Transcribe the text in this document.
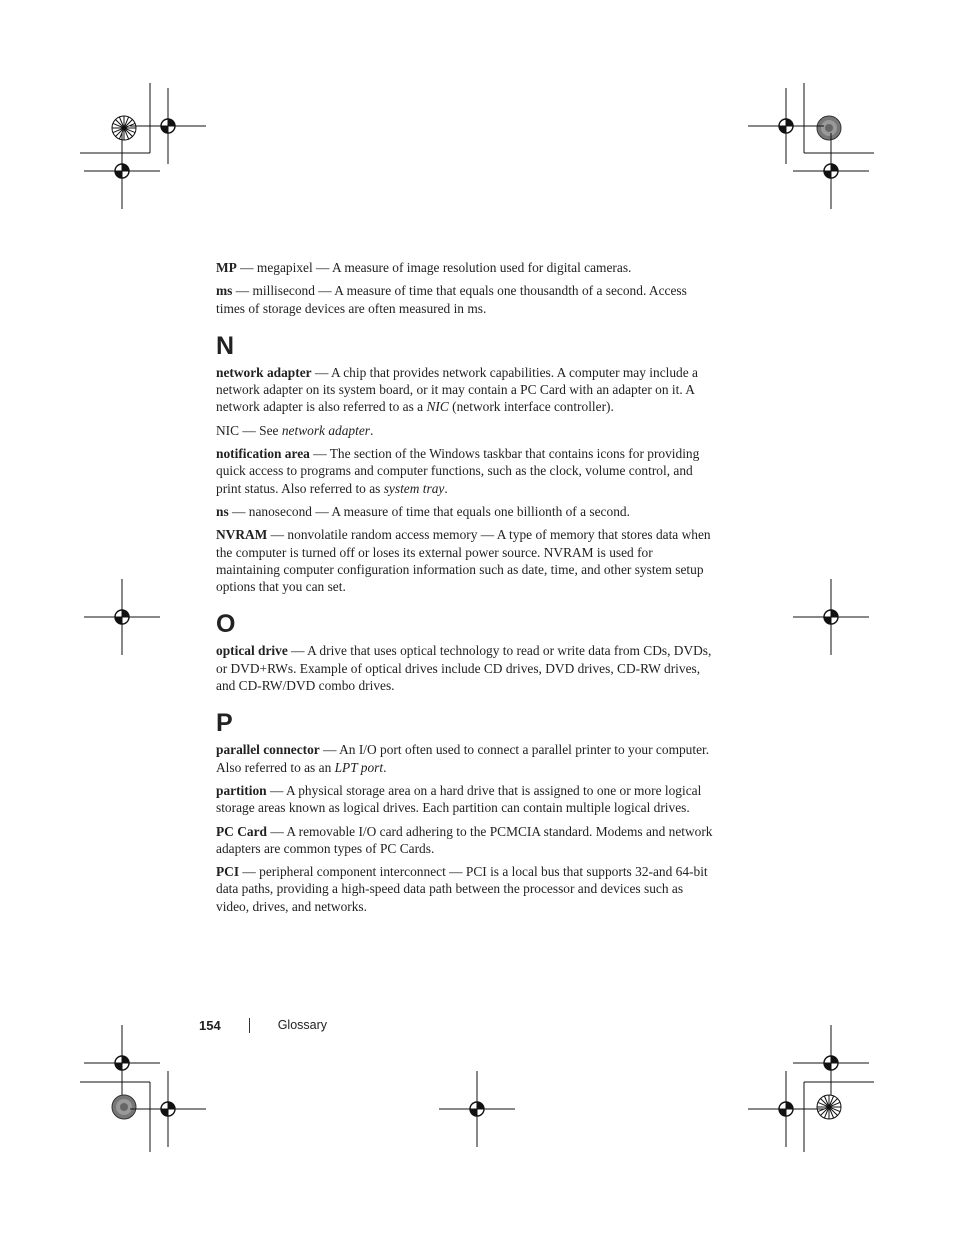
MP — megapixel — A measure of image resolution used for digital cameras.

ms — millisecond — A measure of time that equals one thousandth of a second. Access times of storage devices are often measured in ms.

N

network adapter — A chip that provides network capabilities. A computer may include a network adapter on its system board, or it may contain a PC Card with an adapter on it. A network adapter is also referred to as a NIC (network interface controller).

NIC — See network adapter.

notification area — The section of the Windows taskbar that contains icons for providing quick access to programs and computer functions, such as the clock, volume control, and print status. Also referred to as system tray.

ns — nanosecond — A measure of time that equals one billionth of a second.

NVRAM — nonvolatile random access memory — A type of memory that stores data when the computer is turned off or loses its external power source. NVRAM is used for maintaining computer configuration information such as date, time, and other system setup options that you can set.

O

optical drive — A drive that uses optical technology to read or write data from CDs, DVDs, or DVD+RWs. Example of optical drives include CD drives, DVD drives, CD-RW drives, and CD-RW/DVD combo drives.

P

parallel connector — An I/O port often used to connect a parallel printer to your computer. Also referred to as an LPT port.

partition — A physical storage area on a hard drive that is assigned to one or more logical storage areas known as logical drives. Each partition can contain multiple logical drives.

PC Card — A removable I/O card adhering to the PCMCIA standard. Modems and network adapters are common types of PC Cards.

PCI — peripheral component interconnect — PCI is a local bus that supports 32-and 64-bit data paths, providing a high-speed data path between the processor and devices such as video, drives, and networks.

154	Glossary
